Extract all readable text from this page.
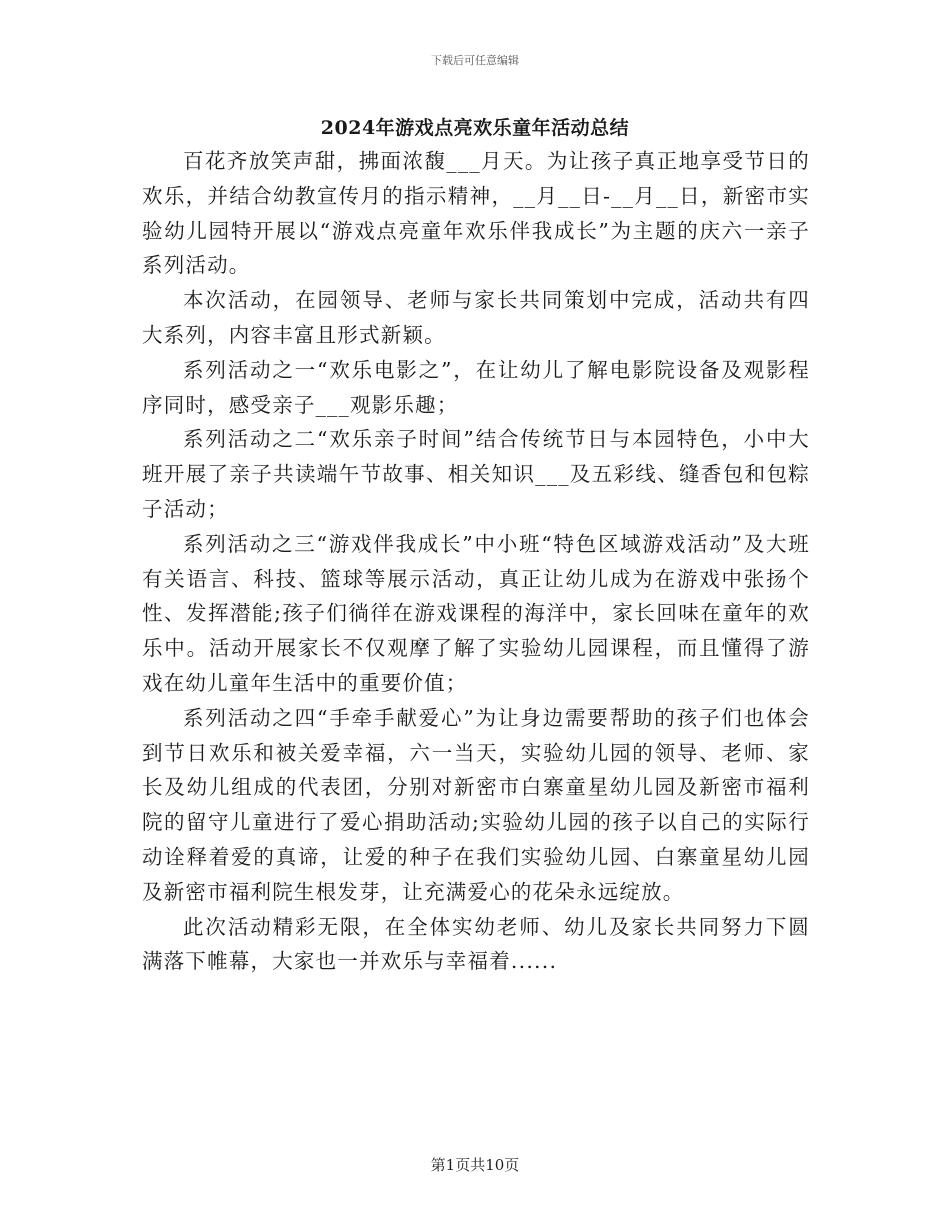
下载后可任意编辑
2024年游戏点亮欢乐童年活动总结

百花齐放笑声甜，拂面浓馥___月天。为让孩子真正地享受节日的欢乐，并结合幼教宣传月的指示精神，__月__日-__月__日，新密市实验幼儿园特开展以“游戏点亮童年欢乐伴我成长”为主题的庆六一亲子系列活动。

本次活动，在园领导、老师与家长共同策划中完成，活动共有四大系列，内容丰富且形式新颖。

系列活动之一“欢乐电影之”，在让幼儿了解电影院设备及观影程序同时，感受亲子___观影乐趣；

系列活动之二“欢乐亲子时间”结合传统节日与本园特色，小中大班开展了亲子共读端午节故事、相关知识___及五彩线、缝香包和包粽子活动；

系列活动之三“游戏伴我成长”中小班“特色区域游戏活动”及大班有关语言、科技、篮球等展示活动，真正让幼儿成为在游戏中张扬个性、发挥潜能;孩子们徜徉在游戏课程的海洋中，家长回味在童年的欢乐中。活动开展家长不仅观摩了解了实验幼儿园课程，而且懂得了游戏在幼儿童年生活中的重要价值；

系列活动之四“手牵手献爱心”为让身边需要帮助的孩子们也体会到节日欢乐和被关爱幸福，六一当天，实验幼儿园的领导、老师、家长及幼儿组成的代表团，分别对新密市白寨童星幼儿园及新密市福利院的留守儿童进行了爱心捐助活动;实验幼儿园的孩子以自己的实际行动诠释着爱的真谛，让爱的种子在我们实验幼儿园、白寨童星幼儿园及新密市福利院生根发芽，让充满爱心的花朵永远绽放。

此次活动精彩无限，在全体实幼老师、幼儿及家长共同努力下圆满落下帷幕，大家也一并欢乐与幸福着......

第1页共10页
